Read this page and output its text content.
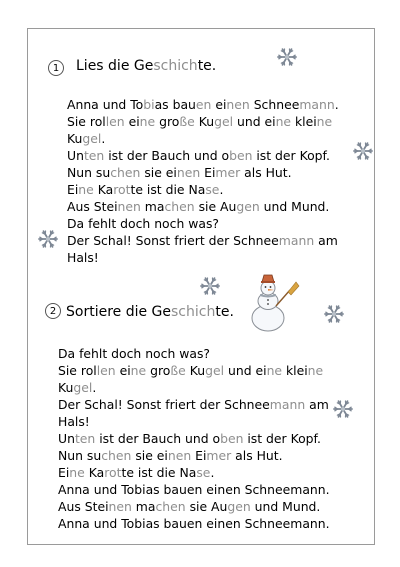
1	Lies die Geschichte.
Anna und Tobias bauen einen Schneemann.
Sie rollen eine große Kugel und eine kleine
Kugel.
Unten ist der Bauch und oben ist der Kopf.
Nun suchen sie einen Eimer als Hut.
Eine Karotte ist die Nase.
Aus Steinen machen sie Augen und Mund.
Da fehlt doch noch was?
Der Schal! Sonst friert der Schneemann am
Hals!
2 Sortiere die Geschichte.
Da fehlt doch noch was?
Sie rollen eine große Kugel und eine kleine
Kugel.
Der Schal! Sonst friert der Schneemann am
Hals!
Unten ist der Bauch und oben ist der Kopf.
Nun suchen sie einen Eimer als Hut.
Eine Karotte ist die Nase.
Anna und Tobias bauen einen Schneemann.
Aus Steinen machen sie Augen und Mund.
Anna und Tobias bauen einen Schneemann.
